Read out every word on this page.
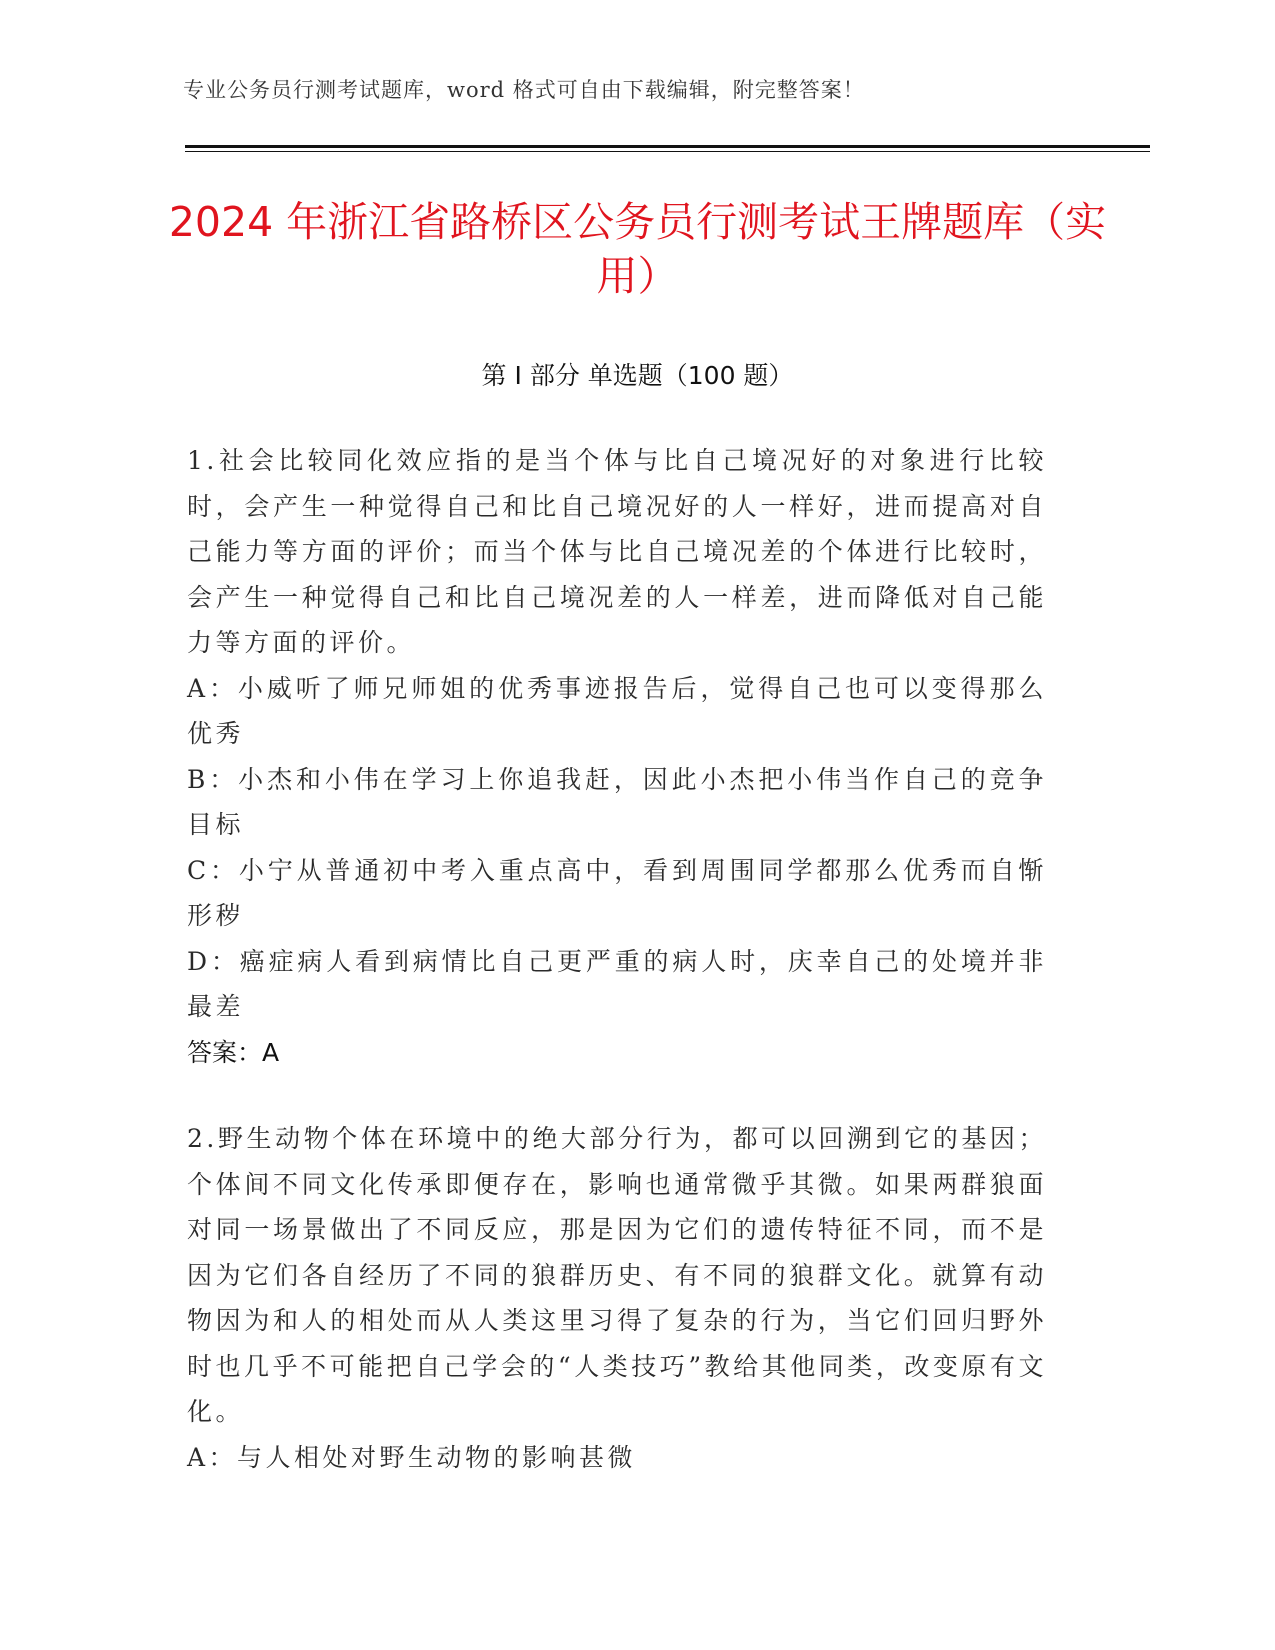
专业公务员行测考试题库，word 格式可自由下载编辑，附完整答案！
2024 年浙江省路桥区公务员行测考试王牌题库（实用）
第 I 部分 单选题（100 题）

1.社会比较同化效应指的是当个体与比自己境况好的对象进行比较时，会产生一种觉得自己和比自己境况好的人一样好，进而提高对自己能力等方面的评价；而当个体与比自己境况差的个体进行比较时，会产生一种觉得自己和比自己境况差的人一样差，进而降低对自己能力等方面的评价。

A：小威听了师兄师姐的优秀事迹报告后，觉得自己也可以变得那么优秀

B：小杰和小伟在学习上你追我赶，因此小杰把小伟当作自己的竞争目标

C：小宁从普通初中考入重点高中，看到周围同学都那么优秀而自惭形秽

D：癌症病人看到病情比自己更严重的病人时，庆幸自己的处境并非最差

答案：A

2.野生动物个体在环境中的绝大部分行为，都可以回溯到它的基因；个体间不同文化传承即便存在，影响也通常微乎其微。如果两群狼面对同一场景做出了不同反应，那是因为它们的遗传特征不同，而不是因为它们各自经历了不同的狼群历史、有不同的狼群文化。就算有动物因为和人的相处而从人类这里习得了复杂的行为，当它们回归野外时也几乎不可能把自己学会的“人类技巧”教给其他同类，改变原有文化。

A：与人相处对野生动物的影响甚微
